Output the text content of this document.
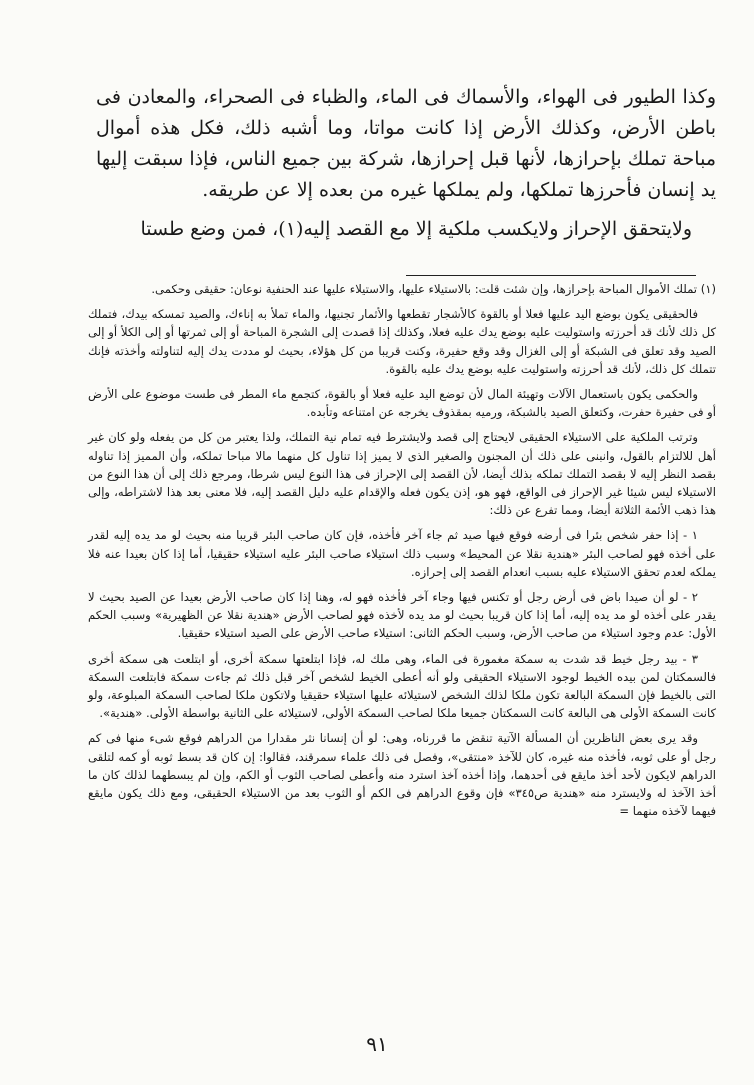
وكذا الطيور فى الهواء، والأسماك فى الماء، والظباء فى الصحراء، والمعادن فى باطن الأرض، وكذلك الأرض إذا كانت مواتا، وما أشبه ذلك، فكل هذه أموال مباحة تملك بإحرازها، لأنها قبل إحرازها، شركة بين جميع الناس، فإذا سبقت إليها يد إنسان فأحرزها تملكها، ولم يملكها غيره من بعده إلا عن طريقه.

ولايتحقق الإحراز ولايكسب ملكية إلا مع القصد إليه(١)، فمن وضع طستا

(١) تملك الأموال المباحة بإحرازها، وإن شئت قلت: بالاستيلاء عليها، والاستيلاء عليها عند الحنفية نوعان: حقيقى وحكمى.

فالحقيقى يكون بوضع اليد عليها فعلا أو بالقوة كالأشجار تقطعها والأثمار تجنيها، والماء تملأ به إناءك، والصيد تمسكه بيدك، فتملك كل ذلك لأنك قد أحرزته واستوليت عليه بوضع يدك عليه فعلا، وكذلك إذا قصدت إلى الشجرة المباحة أو إلى ثمرتها أو إلى الكلأ أو إلى الصيد وقد تعلق فى الشبكة أو إلى الغزال وقد وقع حفيرة، وكنت قريبا من كل هؤلاء، بحيث لو مددت يدك إليه لتناولته وأخذته فإنك تتملك كل ذلك، لأنك قد أحرزته واستوليت عليه بوضع يدك عليه بالقوة.

والحكمى يكون باستعمال الآلات وتهيئة المال لأن توضع اليد عليه فعلا أو بالقوة، كتجمع ماء المطر فى طست موضوع على الأرض أو فى حفيرة حفرت، وكتعلق الصيد بالشبكة، ورميه بمقذوف يخرجه عن امتناعه وتأبده.

وترتب الملكية على الاستيلاء الحقيقى لايحتاج إلى قصد ولايشترط فيه تمام نية التملك، ولذا يعتبر من كل من يفعله ولو كان غير أهل للالتزام بالقول، وانبنى على ذلك أن المجنون والصغير الذى لا يميز إذا تناول كل منهما مالا مباحا تملكه، وأن المميز إذا تناوله بقصد النظر إليه لا بقصد التملك تملكه بذلك أيضا، لأن القصد إلى الإحراز فى هذا النوع ليس شرطا، ومرجع ذلك إلى أن هذا النوع من الاستيلاء ليس شيئا غير الإحراز فى الواقع، فهو هو، إذن يكون فعله والإقدام عليه دليل القصد إليه، فلا معنى بعد هذا لاشتراطه، وإلى هذا ذهب الأئمة الثلاثة أيضا، ومما تفرع عن ذلك:

١ - إذا حفر شخص بئرا فى أرضه فوقع فيها صيد ثم جاء آخر فأخذه، فإن كان صاحب البئر قريبا منه بحيث لو مد يده إليه لقدر على أخذه فهو لصاحب البئر «هندية نقلا عن المحيط» وسبب ذلك استيلاء صاحب البئر عليه استيلاء حقيقيا، أما إذا كان بعيدا عنه فلا يملكه لعدم تحقق الاستيلاء عليه بسبب انعدام القصد إلى إحرازه.

٢ - لو أن صيدا باض فى أرض رجل أو تكنس فيها وجاء آخر فأخذه فهو له، وهنا إذا كان صاحب الأرض بعيدا عن الصيد بحيث لا يقدر على أخذه لو مد يده إليه، أما إذا كان قريبا بحيث لو مد يده لأخذه فهو لصاحب الأرض «هندية نقلا عن الظهيرية» وسبب الحكم الأول: عدم وجود استيلاء من صاحب الأرض، وسبب الحكم الثانى: استيلاء صاحب الأرض على الصيد استيلاء حقيقيا.

٣ - بيد رجل خيط قد شدت به سمكة مغمورة فى الماء، وهى ملك له، فإذا ابتلعتها سمكة أخرى، أو ابتلعت هى سمكة أخرى فالسمكتان لمن بيده الخيط لوجود الاستيلاء الحقيقى ولو أنه أعطى الخيط لشخص آخر قبل ذلك ثم جاءت سمكة فابتلعت السمكة التى بالخيط فإن السمكة البالعة تكون ملكا لذلك الشخص لاستيلائه عليها استيلاء حقيقيا ولاتكون ملكا لصاحب السمكة المبلوعة، ولو كانت السمكة الأولى هى البالعة كانت السمكتان جميعا ملكا لصاحب السمكة الأولى، لاستيلائه على الثانية بواسطة الأولى. «هندية».

وقد يرى بعض الناظرين أن المسألة الآتية تنقض ما قررناه، وهى: لو أن إنسانا نثر مقدارا من الدراهم فوقع شىء منها فى كم رجل أو على ثوبه، فأخذه منه غيره، كان للآخذ «منتقى»، وفصل فى ذلك علماء سمرقند، فقالوا: إن كان قد بسط ثوبه أو كمه لتلقى الدراهم لايكون لأحد أخذ مايقع فى أحدهما، وإذا أخذه آخذ استرد منه وأعطى لصاحب الثوب أو الكم، وإن لم يبسطهما لذلك كان ما أخذ الآخذ له ولايسترد منه «هندية ص٣٤٥» فإن وقوع الدراهم فى الكم أو الثوب بعد من الاستيلاء الحقيقى، ومع ذلك يكون مايقع فيهما لآخذه منهما =

٩١
